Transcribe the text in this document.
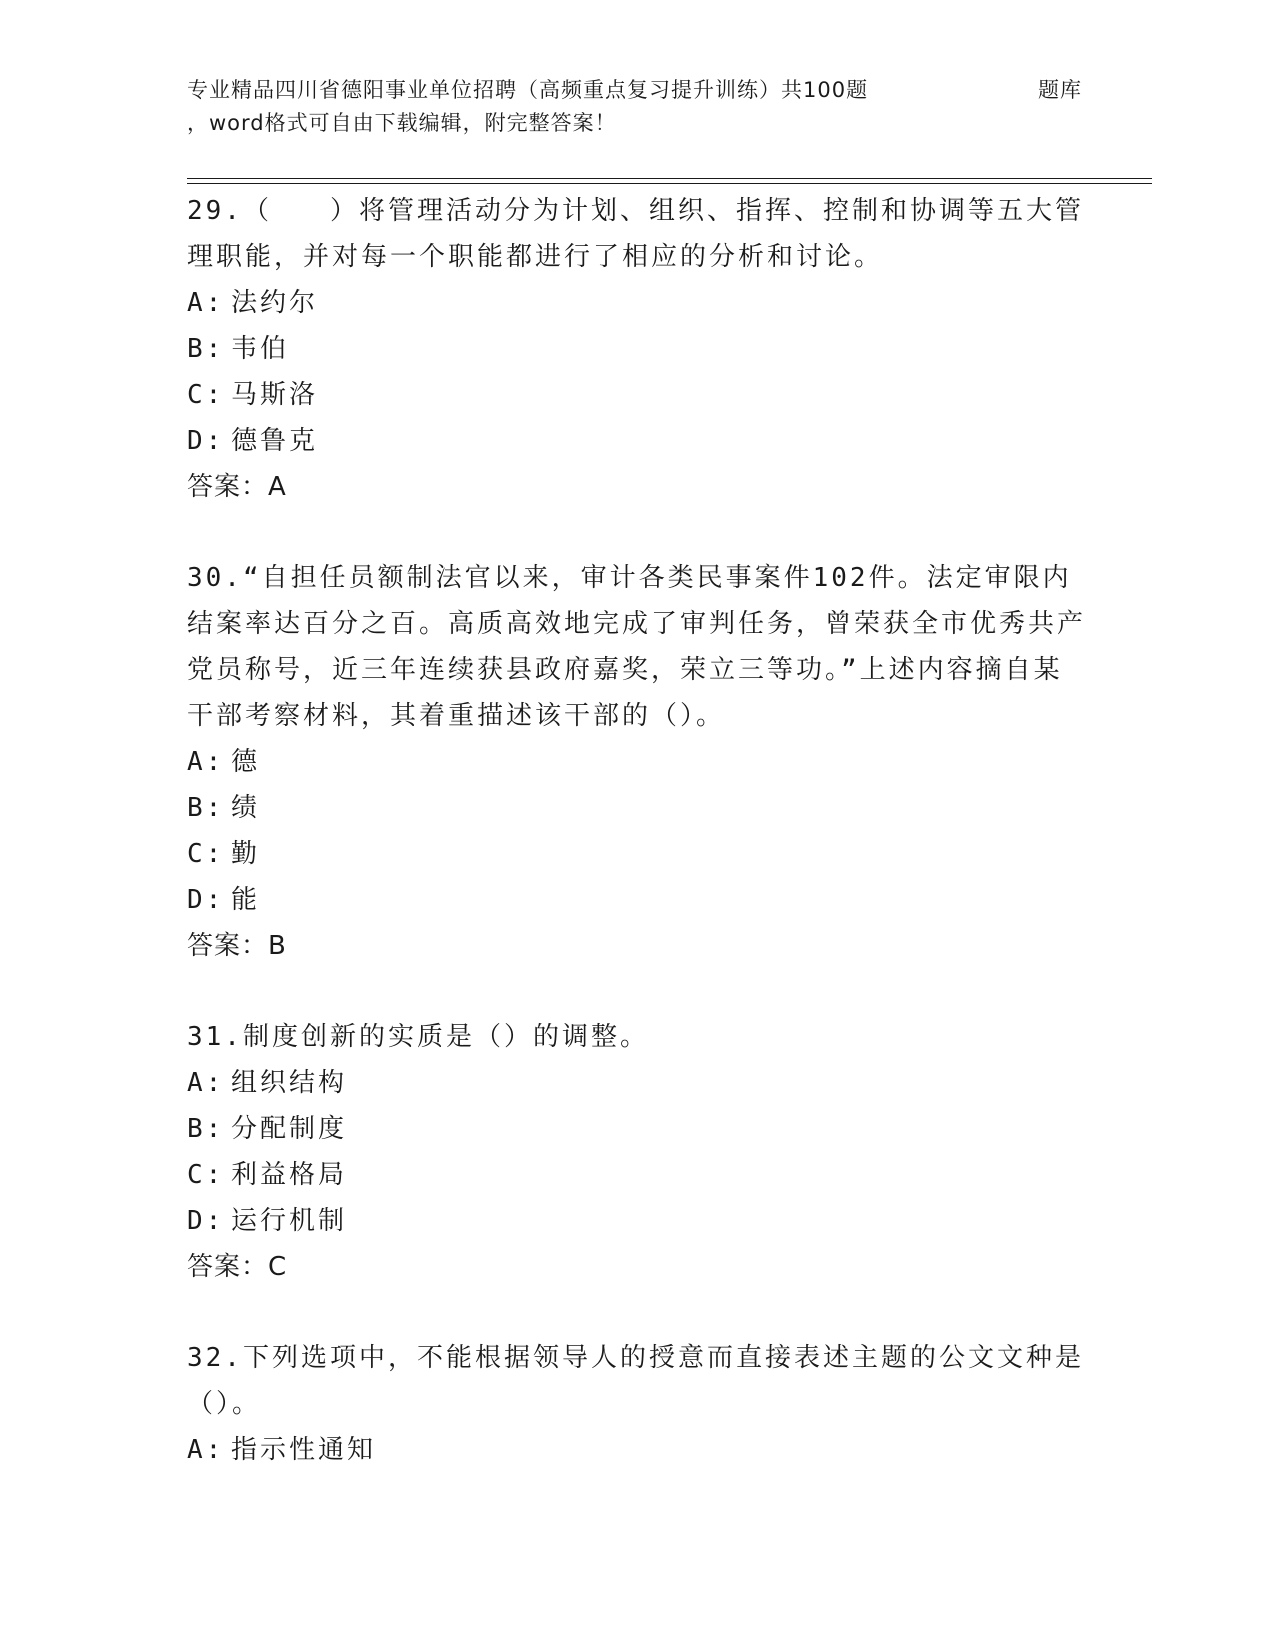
专业精品四川省德阳事业单位招聘（高频重点复习提升训练）共100题	题库
，word格式可自由下载编辑，附完整答案！
29.（　　）将管理活动分为计划、组织、指挥、控制和协调等五大管理职能，并对每一个职能都进行了相应的分析和讨论。
A: 法约尔
B: 韦伯
C: 马斯洛
D: 德鲁克
答案：A
30.“自担任员额制法官以来，审计各类民事案件102件。法定审限内结案率达百分之百。高质高效地完成了审判任务，曾荣获全市优秀共产党员称号，近三年连续获县政府嘉奖，荣立三等功。”上述内容摘自某干部考察材料，其着重描述该干部的（）。
A: 德
B: 绩
C: 勤
D: 能
答案：B
31.制度创新的实质是（）的调整。
A: 组织结构
B: 分配制度
C: 利益格局
D: 运行机制
答案：C
32.下列选项中，不能根据领导人的授意而直接表述主题的公文文种是（）。
A: 指示性通知
